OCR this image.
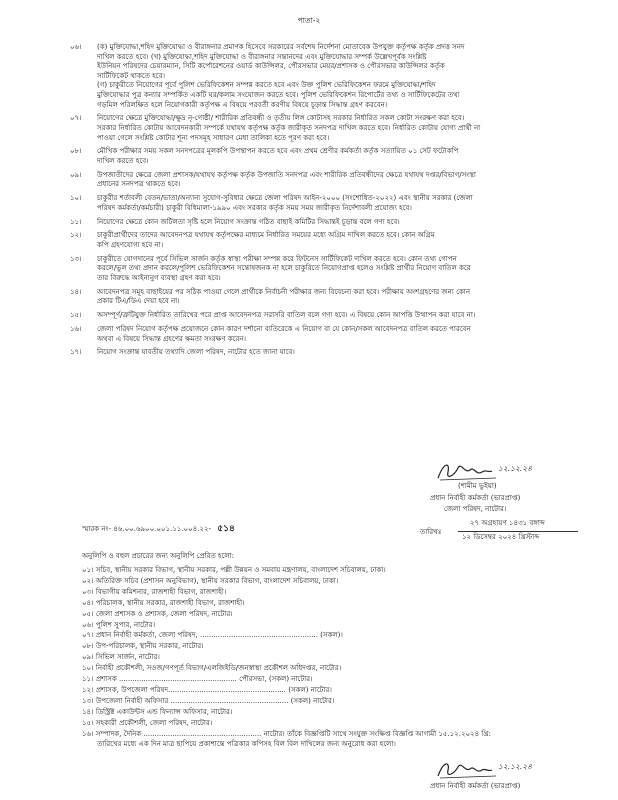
পাতা-২
০৬। (ক) মুক্তিযোদ্ধা,শহিদ মুক্তিযোদ্ধা ও বীরাঙ্গনার প্রমাণক হিসেবে সরকারের সর্বশেষ নির্দেশনা মোতাবেক উপযুক্ত কর্তৃপক্ষ কর্তৃক প্রদত্ত সনদ
দাখিল করতে হবে। (খ) মুক্তিযোদ্ধা,শহিদ মুক্তিযোদ্ধা ও বীরাঙ্গনার সন্তানদের এবং মুক্তিযোদ্ধার সম্পর্ক উল্লেখপূর্বক সংশ্লিষ্ট
ইউনিয়ন পরিষদের চেয়ারম্যান, সিটি কর্পোরেশনের ওয়ার্ড কাউন্সিলর, পৌরসভার মেয়র/প্রশাসক ও পৌরসভার কাউন্সিলর কর্তৃক
সার্টিফিকেট থাকতে হবে।
(গ) চাকুরীতে নিয়োগের পূর্বে পুলিশ ভেরিফিকেশন সম্পন্ন করতে হবে এবং উক্ত পুলিশ ভেরিফিকেশন ফরমে মুক্তিযোদ্ধা/শহিদ
মুক্তিযোদ্ধার পুত্র কন্যার সম্পর্কিত একটি ঘর/কলাম সংযোজন করতে হবে। পুলিশ ভেরিফিকেশন রিপোর্টের তথ্য ও সার্টিফিকেটের তথ্য
গড়মিল পরিলক্ষিত হলে নিয়োগকারী কর্তৃপক্ষ এ বিষয়ে পরবর্তী করণীয় বিষয়ে চূড়ান্ত সিদ্ধান্ত গ্রহণ করবেন।
০৭। নিয়োগের ক্ষেত্রে মুক্তিযোদ্ধা/ক্ষুদ্র নৃ-গোষ্ঠী/ শারীরিক প্রতিবন্ধী ও তৃতীয় লিঙ্গ কোটাসহ সরকার নির্ধারিত সকল কোটা সংরক্ষণ করা হবে।
সরকার নির্ধারিত কোটায় আবেদনকারী সম্পর্কে যথাযথ কর্তৃপক্ষ কর্তৃক জারীকৃত সনদপত্র দাখিল করতে হবে। নির্ধারিত কোটায় যোগ্য প্রার্থী না
পাওয়া গেলে সংশ্লিষ্ট কোটার শূন্য পদসমূহ সাধারণ মেধা তালিকা হতে পূরণ করা হবে।
০৮। মৌখিক পরীক্ষার সময় সকল সনদপত্রের মূলকপি উপস্থাপন করতে হবে এবং প্রথম শ্রেণীর কর্মকর্তা কর্তৃক সত্যায়িত ০১ সেট ফটোকপি
দাখিল করতে হবে।
০৯। উপজাতীদের ক্ষেত্রে জেলা প্রশাসক/যথাযথ কর্তৃপক্ষ কর্তৃক উপজাতি সনদপত্র এবং শারীরিক প্রতিবন্ধীদের ক্ষেত্রে যথাযথ দপ্তর/বিভাগ/সংস্থা
প্রধানের সনদপত্র থাকতে হবে।
১০। চাকুরীর শর্তাবলী বেতন/ভাতা/অন্যান্য সুযোগ-সুবিধার ক্ষেত্রে জেলা পরিষদ আইন-২০০০ (সংশোধিত-২০২২) এবং স্থানীয় সরকার (জেলা
পরিষদ কর্মকর্তা/কর্মচারী) চাকুরী বিধিমালা-১৯৯০ এবং সরকার কর্তৃক সময় সময় জারীকৃত নির্দেশাবলী প্রযোজ্য হবে।
১১। নিয়োগের ক্ষেত্রে কোন জটিলতা সৃষ্টি হলে নিয়োগ সংক্রান্ত গঠিত বাছাই কমিটির সিদ্ধান্তই চূড়ান্ত বলে গণ্য হবে।
১২। চাকুরীপ্রার্থীদের তাদের আবেদনপত্র যথাযথ কর্তৃপক্ষের মাধ্যমে নির্ধারিত সময়ের মধ্যে অগ্রিম দাখিল করতে হবে। কোন অগ্রিম
কপি গ্রহণযোগ্য হবে না।
১৩। চাকুরীতে যোগদানের পূর্বে সিভিল সার্জন কর্তৃক স্বাস্থ্য পরীক্ষা সম্পন্ন করে ফিটনেস সার্টিফিকেট দাখিল করতে হবে। কোন তথ্য গোপন
করলে/ভুল তথ্য প্রদান করলে/পুলিশ ভেরিফিকেশন সন্তোষজনক না হলে চাকুরিতে নিয়োগপ্রাপ্ত হলেও সংশ্লিষ্ট প্রার্থীর নিয়োগ বাতিল করে
তার বিরুদ্ধে আইনানুগ ব্যবস্থা গ্রহণ করা হবে।
১৪। আবেদনপত্র সমূহ বাছাইয়ের পর সঠিক পাওয়া গেলে প্রার্থীকে নির্বাচনী পরীক্ষার জন্য বিবেচনা করা হবে। পরীক্ষায় অংশগ্রহণের জন্য কোন
প্রকার টিএ/ডিএ দেয়া হবে না।
১৫। অসম্পূর্ণ/ত্রুটিযুক্ত নির্ধারিত তারিখের পরে প্রাপ্ত আবেদনপত্র সরাসরি বাতিল বলে গণ্য হবে। এ বিষয়ে কোন আপত্তি উত্থাপন করা যাবে না।
১৬। জেলা পরিষদ নিয়োগ কর্তৃপক্ষ প্রয়োজনে কোন কারণ দর্শানো ব্যতিরেকে এ নিয়োগ বা যে কোন/সকল আবেদনপত্র বাতিল করতে পারবেন
অথবা এ বিষয়ে সিদ্ধান্ত গ্রহণের ক্ষমতা সংরক্ষণ করেন।
১৭। নিয়োগ সংক্রান্ত যাবতীয় তথ্যাদি জেলা পরিষদ, নাটোর হতে জানা যাবে।
১২.১২.২৪
(শামীম ভুইয়া)
প্রধান নির্বাহী কর্মকর্তা (ভারপ্রাপ্ত)
জেলা পরিষদ, নাটোর।
স্মারক নং- ৪৬.০০.৬৯০০.০০১.১১.০০৪.২২- ৫১৪	তারিখঃ
২৭ অগ্রহায়ণ ১৪৩১ বঙ্গাব্দ
১২ ডিসেম্বর ২০২৪ খ্রিস্টাব্দ
অনুলিপি ও বহুল প্রচারের জন্য অনুলিপি প্রেরিত হলো:
০১। সচিব, স্থানীয় সরকার বিভাগ, স্থানীয় সরকার, পল্লী উন্নয়ন ও সমবায় মন্ত্রণালয়, বাংলাদেশ সচিবালয়, ঢাকা।
০২। অতিরিক্ত সচিব (প্রশাসন অনুবিভাগ), স্থানীয় সরকার বিভাগ, বাংলাদেশ সচিবালয়, ঢাকা।
০৩। বিভাগীয় কমিশনার, রাজশাহী বিভাগ, রাজশাহী।
০৪। পরিচালক, স্থানীয় সরকার, রাজশাহী বিভাগ, রাজশাহী।
০৫। জেলা প্রশাসক ও প্রশাসক, জেলা পরিষদ, নাটোর।
০৬। পুলিশ সুপার, নাটোর।
০৭। প্রধান নির্বাহী কর্মকর্তা, জেলা পরিষদ, ..................................................... (সকল)।
০৮। উপ-পরিচালক, স্থানীয় সরকার, নাটোর।
০৯। সিভিল সার্জন, নাটোর।
১০। নির্বাহী প্রকৌশলী, সওজ/গণপূর্ত বিভাগ/এলজিইডি/জনস্বাস্থ্য প্রকৌশল অধিদপ্তর, নাটোর।
১১। প্রশাসক ..................................................... পৌরসভা, (সকল) নাটোর।
১২। প্রশাসক, উপজেলা পরিষদ..................................................... (সকল) নাটোর।
১৩। উপজেলা নির্বাহী অফিসার ..................................................... (সকল) নাটোর।
১৪। ডিস্ট্রিক্ট একাউন্টস এন্ড ফিন্যান্স অফিসার, নাটোর।
১৫। সহকারী প্রকৌশলী, জেলা পরিষদ, নাটোর।
১৬। সম্পাদক, দৈনিক ..................................................... নাটোর। তাঁকে বিজ্ঞপ্তিটি সাথে সংযুক্ত সংক্ষিপ্ত বিজ্ঞপ্তি আগামী ১৫.১২.২০২৪ খ্রি:
তারিখের মধ্যে এক দিন মাত্র ছাপিয়ে প্রকাশান্তে পত্রিকার কপিসহ বিল বিল দাখিলের জন্য অনুরোধ করা হলো।
১২.১২.২৪
প্রধান নির্বাহী কর্মকর্তা (ভারপ্রাপ্ত)
